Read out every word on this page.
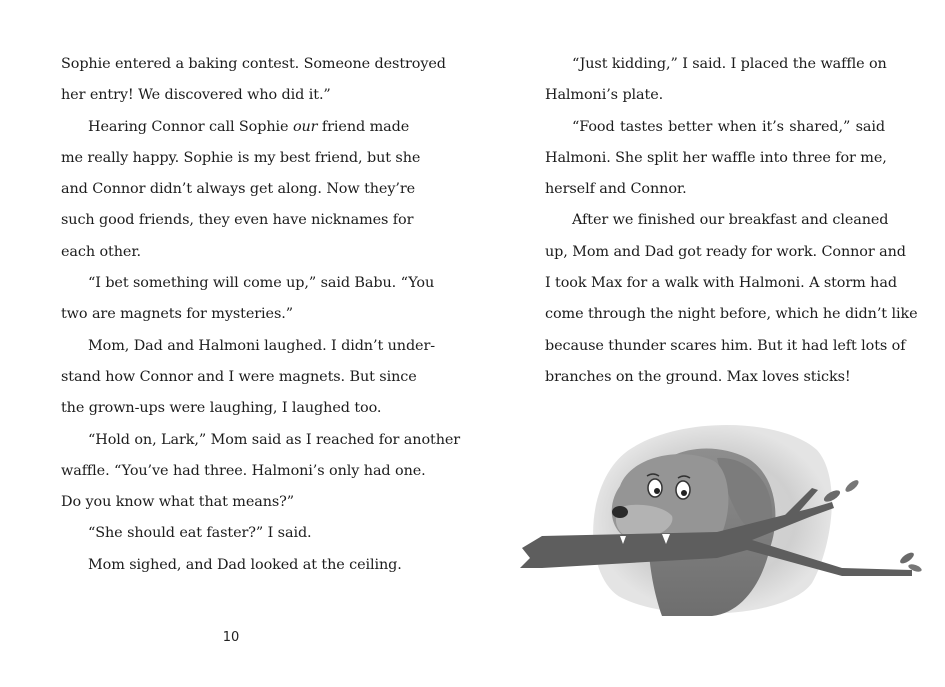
Sophie entered a baking contest. Someone destroyed
her entry! We discovered who did it.”
Hearing Connor call Sophie our friend made
me really happy. Sophie is my best friend, but she
and Connor didn’t always get along. Now they’re
such good friends, they even have nicknames for
each other.
“I bet something will come up,” said Babu. “You
two are magnets for mysteries.”
Mom, Dad and Halmoni laughed. I didn’t under-
stand how Connor and I were magnets. But since
the grown-ups were laughing, I laughed too.
“Hold on, Lark,” Mom said as I reached for another
waffle. “You’ve had three. Halmoni’s only had one.
Do you know what that means?”
“She should eat faster?” I said.
Mom sighed, and Dad looked at the ceiling.
10
“Just kidding,” I said. I placed the waffle on
Halmoni’s plate.
“Food tastes better when it’s shared,” said
Halmoni. She split her waffle into three for me,
herself and Connor.
After we finished our breakfast and cleaned
up, Mom and Dad got ready for work. Connor and
I took Max for a walk with Halmoni. A storm had
come through the night before, which he didn’t like
because thunder scares him. But it had left lots of
branches on the ground. Max loves sticks!
